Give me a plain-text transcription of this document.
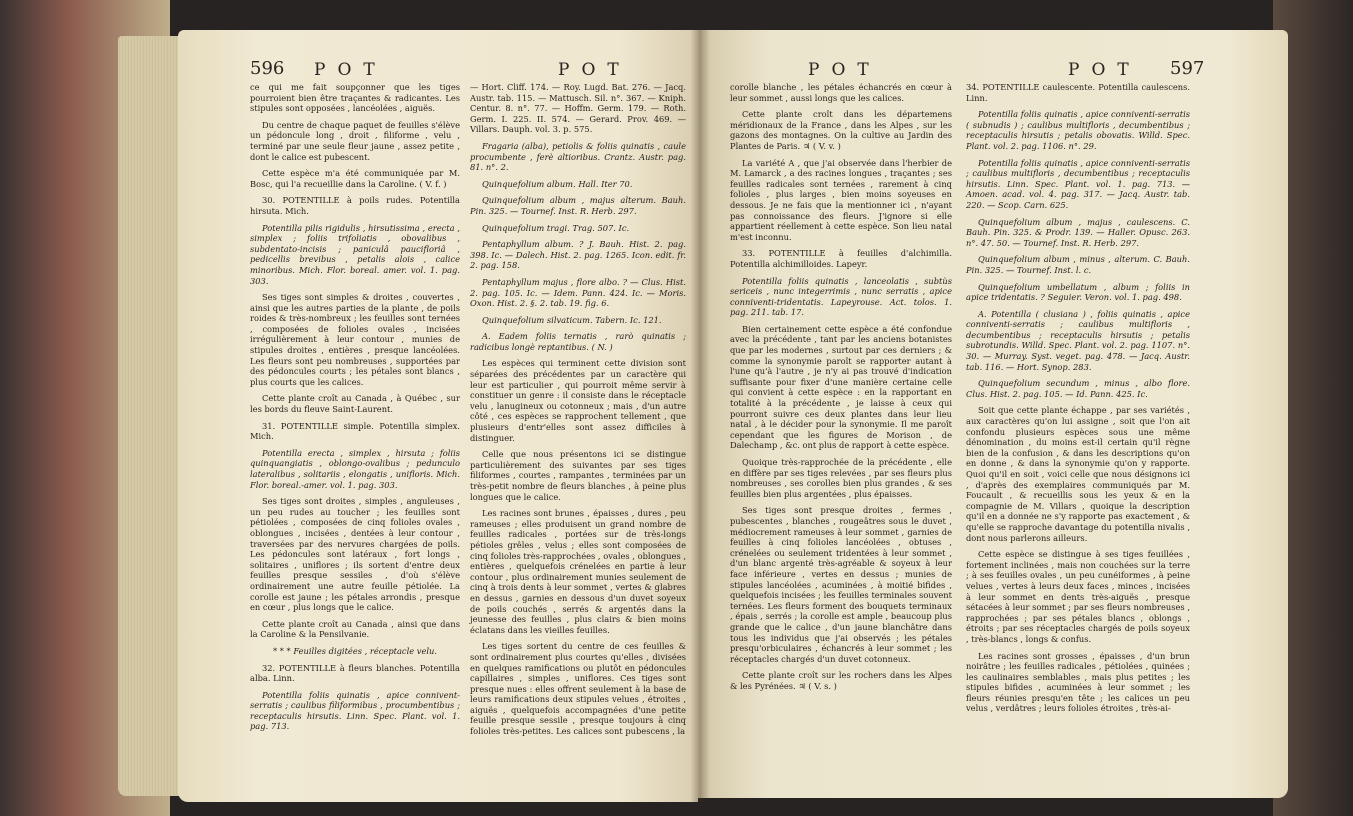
596 POT	POT

ce qui me fait soupçonner que les tiges pourroient bien être traçantes & radicantes. Les stipules sont opposées , lancéolées , aiguës.

Du centre de chaque paquet de feuilles s'élève un pédoncule long , droit , filiforme , velu , terminé par une seule fleur jaune , assez petite , dont le calice est pubescent.

Cette espèce m'a été communiquée par M. Bosc, qui l'a recueillie dans la Caroline. ( V. f. )

30. POTENTILLE à poils rudes. Potentilla hirsuta. Mich.

Potentilla pilis rigidulis , hirsutissima , erecta , simplex ; foliis trifoliatis , obovalibus , subdentato-incisis ; paniculâ paucifloriâ , pedicellis brevibus , petalis alois , calice minoribus. Mich. Flor. boreal. amer. vol. 1. pag. 303.

Ses tiges sont simples & droites , couvertes , ainsi que les autres parties de la plante , de poils roides & très-nombreux ; les feuilles sont ternées , composées de folioles ovales , incisées irrégulièrement à leur contour , munies de stipules droites , entières , presque lancéolées. Les fleurs sont peu nombreuses , supportées par des pédoncules courts ; les pétales sont blancs , plus courts que les calices.

Cette plante croît au Canada , à Québec , sur les bords du fleuve Saint-Laurent.

31. POTENTILLE simple. Potentilla simplex. Mich.

Potentilla erecta , simplex , hirsuta ; foliis quinquangiatis , oblongo-ovalibus ; pedunculo lateralibus , solitariis , elongatis , unifloris. Mich. Flor. boreal.-amer. vol. 1. pag. 303.

Ses tiges sont droites , simples , anguleuses , un peu rudes au toucher ; les feuilles sont pétiolées , composées de cinq folioles ovales , oblongues , incisées , dentées à leur contour , traversées par des nervures chargées de poils. Les pédoncules sont latéraux , fort longs , solitaires , uniflores ; ils sortent d'entre deux feuilles presque sessiles , d'où s'élève ordinairement une autre feuille pétiolée. La corolle est jaune ; les pétales arrondis , presque en cœur , plus longs que le calice.

Cette plante croît au Canada , ainsi que dans la Caroline & la Pensilvanie.

* * * Feuilles digitées , réceptacle velu.

32. POTENTILLE à fleurs blanches. Potentilla alba. Linn.

Potentilla foliis quinatis , apice connivent-serratis ; caulibus filiformibus , procumbentibus ; receptaculis hirsutis. Linn. Spec. Plant. vol. 1. pag. 713.

— Hort. Cliff. 174. — Roy. Lugd. Bat. 276. — Jacq. Austr. tab. 115. — Mattusch. Sil. n°. 367. — Kniph. Centur. 8. n°. 77. — Hoffm. Germ. 179. — Roth. Germ. I. 225. II. 574. — Gerard. Prov. 469. — Villars. Dauph. vol. 3. p. 575.

Fragaria (alba), petiolis & foliis quinatis , caule procumbente , ferè altioribus. Crantz. Austr. pag. 81. n°. 2.

Quinquefolium album. Hall. Iter 70.

Quinquefolium album , majus alterum. Bauh. Pin. 325. — Tournef. Inst. R. Herb. 297.

Quinquefolium tragi. Trag. 507. Ic.

Pentaphyllum album. ? J. Bauh. Hist. 2. pag. 398. Ic. — Dalech. Hist. 2. pag. 1265. Icon. edit. fr. 2. pag. 158.

Pentaphyllum majus , flore albo. ? — Clus. Hist. 2. pag. 105. Ic. — Idem. Pann. 424. Ic. — Moris. Oxon. Hist. 2. §. 2. tab. 19. fig. 6.

Quinquefolium silvaticum. Tabern. Ic. 121.

A. Eadem foliis ternatis , rarò quinatis ; radicibus longè reptantibus. ( N. )

Les espèces qui terminent cette division sont séparées des précédentes par un caractère qui leur est particulier , qui pourroit même servir à constituer un genre : il consiste dans le réceptacle velu , lanugineux ou cotonneux ; mais , d'un autre côté , ces espèces se rapprochent tellement , que plusieurs d'entr'elles sont assez difficiles à distinguer.

Celle que nous présentons ici se distingue particulièrement des suivantes par ses tiges filiformes , courtes , rampantes , terminées par un très-petit nombre de fleurs blanches , à peine plus longues que le calice.

Les racines sont brunes , épaisses , dures , peu rameuses ; elles produisent un grand nombre de feuilles radicales , portées sur de très-longs pétioles grêles , velus ; elles sont composées de cinq folioles très-rapprochées , ovales , oblongues , entières , quelquefois crénelées en partie à leur contour , plus ordinairement munies seulement de cinq à trois dents à leur sommet , vertes & glabres en dessus , garnies en dessous d'un duvet soyeux de poils couchés , serrés & argentés dans la jeunesse des feuilles , plus clairs & bien moins éclatans dans les vieilles feuilles.

Les tiges sortent du centre de ces feuilles & sont ordinairement plus courtes qu'elles , divisées en quelques ramifications ou plutôt en pédoncules capillaires , simples , uniflores. Ces tiges sont presque nues : elles offrent seulement à la base de leurs ramifications deux stipules velues , étroites , aiguës , quelquefois accompagnées d'une petite feuille presque sessile , presque toujours à cinq folioles très-petites. Les calices sont pubescens , la

POT	POT 597

corolle blanche , les pétales échancrés en cœur à leur sommet , aussi longs que les calices.

Cette plante croît dans les départemens méridionaux de la France , dans les Alpes , sur les gazons des montagnes. On la cultive au Jardin des Plantes de Paris. ♃ ( V. v. )

La variété A , que j'ai observée dans l'herbier de M. Lamarck , a des racines longues , traçantes ; ses feuilles radicales sont ternées , rarement à cinq folioles , plus larges , bien moins soyeuses en dessous. Je ne fais que la mentionner ici , n'ayant pas connoissance des fleurs. J'ignore si elle appartient réellement à cette espèce. Son lieu natal m'est inconnu.

33. POTENTILLE à feuilles d'alchimilla. Potentilla alchimilloides. Lapeyr.

Potentilla foliis quinatis , lanceolatis , subtùs sericeis , nunc integerrimis , nunc serratis , apice conniventi-tridentatis. Lapeyrouse. Act. tolos. 1. pag. 211. tab. 17.

Bien certainement cette espèce a été confondue avec la précédente , tant par les anciens botanistes que par les modernes , surtout par ces derniers ; & comme la synonymie paroît se rapporter autant à l'une qu'à l'autre , je n'y ai pas trouvé d'indication suffisante pour fixer d'une manière certaine celle qui convient à cette espèce : en la rapportant en totalité à la précédente , je laisse à ceux qui pourront suivre ces deux plantes dans leur lieu natal , à le décider pour la synonymie. Il me paroît cependant que les figures de Morison , de Dalechamp , &c. ont plus de rapport à cette espèce.

Quoique très-rapprochée de la précédente , elle en diffère par ses tiges relevées , par ses fleurs plus nombreuses , ses corolles bien plus grandes , & ses feuilles bien plus argentées , plus épaisses.

Ses tiges sont presque droites , fermes , pubescentes , blanches , rougeâtres sous le duvet , médiocrement rameuses à leur sommet , garnies de feuilles à cinq folioles lancéolées , obtuses , crénelées ou seulement tridentées à leur sommet , d'un blanc argenté très-agréable & soyeux à leur face inférieure , vertes en dessus ; munies de stipules lancéolées , acuminées , à moitié bifides , quelquefois incisées ; les feuilles terminales souvent ternées. Les fleurs forment des bouquets terminaux , épais , serrés ; la corolle est ample , beaucoup plus grande que le calice , d'un jaune blanchâtre dans tous les individus que j'ai observés ; les pétales presqu'orbiculaires , échancrés à leur sommet ; les réceptacles chargés d'un duvet cotonneux.

Cette plante croît sur les rochers dans les Alpes & les Pyrénées. ♃ ( V. s. )

34. POTENTILLE caulescente. Potentilla caulescens. Linn.

Potentilla foliis quinatis , apice conniventi-serratis ( subnudis ) ; caulibus multifloris , decumbentibus ; receptaculis hirsutis ; petalis obovatis. Willd. Spec. Plant. vol. 2. pag. 1106. n°. 29.

Potentilla foliis quinatis , apice conniventi-serratis ; caulibus multifloris , decumbentibus ; receptaculis hirsutis. Linn. Spec. Plant. vol. 1. pag. 713. — Amoen. acad. vol. 4. pag. 317. — Jacq. Austr. tab. 220. — Scop. Carn. 625.

Quinquefolium album , majus , caulescens. C. Bauh. Pin. 325. & Prodr. 139. — Haller. Opusc. 263. n°. 47. 50. — Tournef. Inst. R. Herb. 297.

Quinquefolium album , minus , alterum. C. Bauh. Pin. 325. — Tournef. Inst. l. c.

Quinquefolium umbellatum , album ; foliis in apice tridentatis. ? Seguier. Veron. vol. 1. pag. 498.

A. Potentilla ( clusiana ) , foliis quinatis , apice conniventi-serratis ; caulibus multifloris , decumbentibus ; receptaculis hirsutis ; petalis subrotundis. Willd. Spec. Plant. vol. 2. pag. 1107. n°. 30. — Murray. Syst. veget. pag. 478. — Jacq. Austr. tab. 116. — Hort. Synop. 283.

Quinquefolium secundum , minus , albo flore. Clus. Hist. 2. pag. 105. — Id. Pann. 425. Ic.

Soit que cette plante échappe , par ses variétés , aux caractères qu'on lui assigne , soit que l'on ait confondu plusieurs espèces sous une même dénomination , du moins est-il certain qu'il règne bien de la confusion , & dans les descriptions qu'on en donne , & dans la synonymie qu'on y rapporte. Quoi qu'il en soit , voici celle que nous désignons ici , d'après des exemplaires communiqués par M. Foucault , & recueillis sous les yeux & en la compagnie de M. Villars , quoique la description qu'il en a donnée ne s'y rapporte pas exactement , & qu'elle se rapproche davantage du potentilla nivalis , dont nous parlerons ailleurs.

Cette espèce se distingue à ses tiges feuillées , fortement inclinées , mais non couchées sur la terre ; à ses feuilles ovales , un peu cunéiformes , à peine velues , vertes à leurs deux faces , minces , incisées à leur sommet en dents très-aiguës , presque sétacées à leur sommet ; par ses fleurs nombreuses , rapprochées ; par ses pétales blancs , oblongs , étroits ; par ses réceptacles chargés de poils soyeux , très-blancs , longs & confus.

Les racines sont grosses , épaisses , d'un brun noirâtre ; les feuilles radicales , pétiolées , quinées ; les caulinaires semblables , mais plus petites ; les stipules bifides , acuminées à leur sommet ; les fleurs réunies presqu'en tête ; les calices un peu velus , verdâtres ; leurs folioles étroites , très-ai-
